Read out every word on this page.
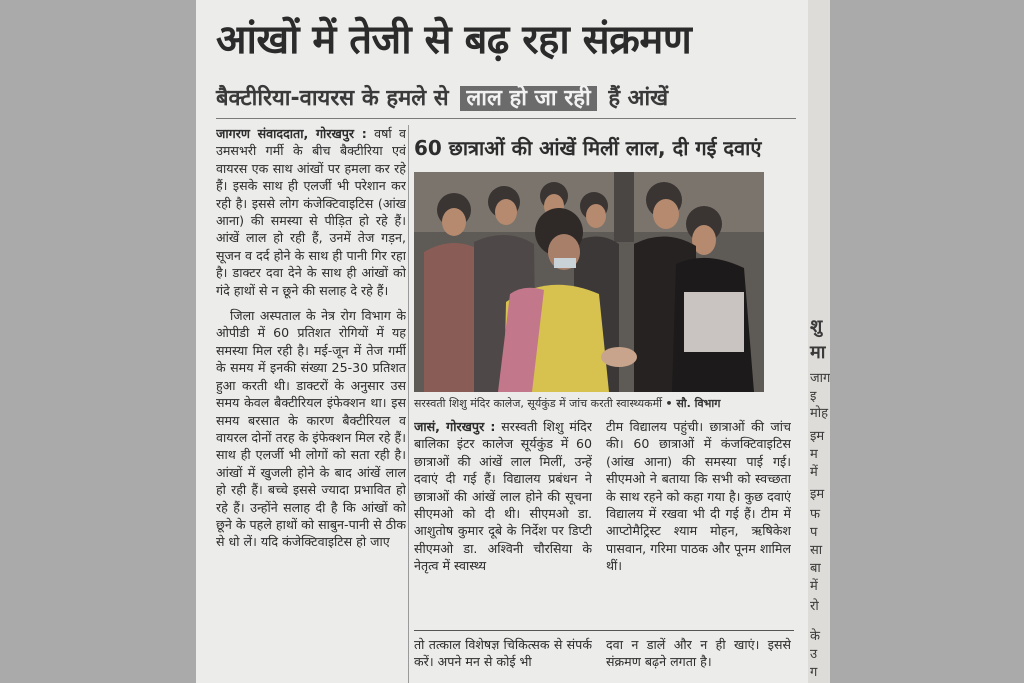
आंखों में तेजी से बढ़ रहा संक्रमण
बैक्टीरिया-वायरस के हमले से लाल हो जा रही हैं आंखें

जागरण संवाददाता, गोरखपुर : वर्षा व उमसभरी गर्मी के बीच बैक्टीरिया एवं वायरस एक साथ आंखों पर हमला कर रहे हैं। इसके साथ ही एलर्जी भी परेशान कर रही है। इससे लोग कंजेक्टिवाइटिस (आंख आना) की समस्या से पीड़ित हो रहे हैं। आंखें लाल हो रही हैं, उनमें तेज गड़न, सूजन व दर्द होने के साथ ही पानी गिर रहा है। डाक्टर दवा देने के साथ ही आंखों को गंदे हाथों से न छूने की सलाह दे रहे हैं।

जिला अस्पताल के नेत्र रोग विभाग के ओपीडी में 60 प्रतिशत रोगियों में यह समस्या मिल रही है। मई-जून में तेज गर्मी के समय में इनकी संख्या 25-30 प्रतिशत हुआ करती थी। डाक्टरों के अनुसार उस समय केवल बैक्टीरियल इंफेक्शन था। इस समय बरसात के कारण बैक्टीरियल व वायरल दोनों तरह के इंफेक्शन मिल रहे हैं। साथ ही एलर्जी भी लोगों को सता रही है। आंखों में खुजली होने के बाद आंखें लाल हो रही हैं। बच्चे इससे ज्यादा प्रभावित हो रहे हैं। उन्होंने सलाह दी है कि आंखों को छूने के पहले हाथों को साबुन-पानी से ठीक से धो लें। यदि कंजेक्टिवाइटिस हो जाए

60 छात्राओं की आंखें मिलीं लाल, दी गई दवाएं
सरस्वती शिशु मंदिर कालेज, सूर्यकुंड में जांच करती स्वास्थ्यकर्मी • सौ. विभाग

जासं, गोरखपुर : सरस्वती शिशु मंदिर बालिका इंटर कालेज सूर्यकुंड में 60 छात्राओं की आंखें लाल मिलीं, उन्हें दवाएं दी गई हैं। विद्यालय प्रबंधन ने छात्राओं की आंखें लाल होने की सूचना सीएमओ को दी थी। सीएमओ डा. आशुतोष कुमार दूबे के निर्देश पर डिप्टी सीएमओ डा. अश्विनी चौरसिया के नेतृत्व में स्वास्थ्य

टीम विद्यालय पहुंची। छात्राओं की जांच की। 60 छात्राओं में कंजक्टिवाइटिस (आंख आना) की समस्या पाई गई। सीएमओ ने बताया कि सभी को स्वच्छता के साथ रहने को कहा गया है। कुछ दवाएं विद्यालय में रखवा भी दी गई हैं। टीम में आप्टोमैट्रिस्ट श्याम मोहन, ऋषिकेश पासवान, गरिमा पाठक और पूनम शामिल थीं।

तो तत्काल विशेषज्ञ चिकित्सक से संपर्क करें। अपने मन से कोई भी
दवा न डालें और न ही खाएं। इससे संक्रमण बढ़ने लगता है।
शु
मा
जाग
इ
मोह
इम
म
में
इम
फ
प
सा
बा
में
रो
के
उ
ग
